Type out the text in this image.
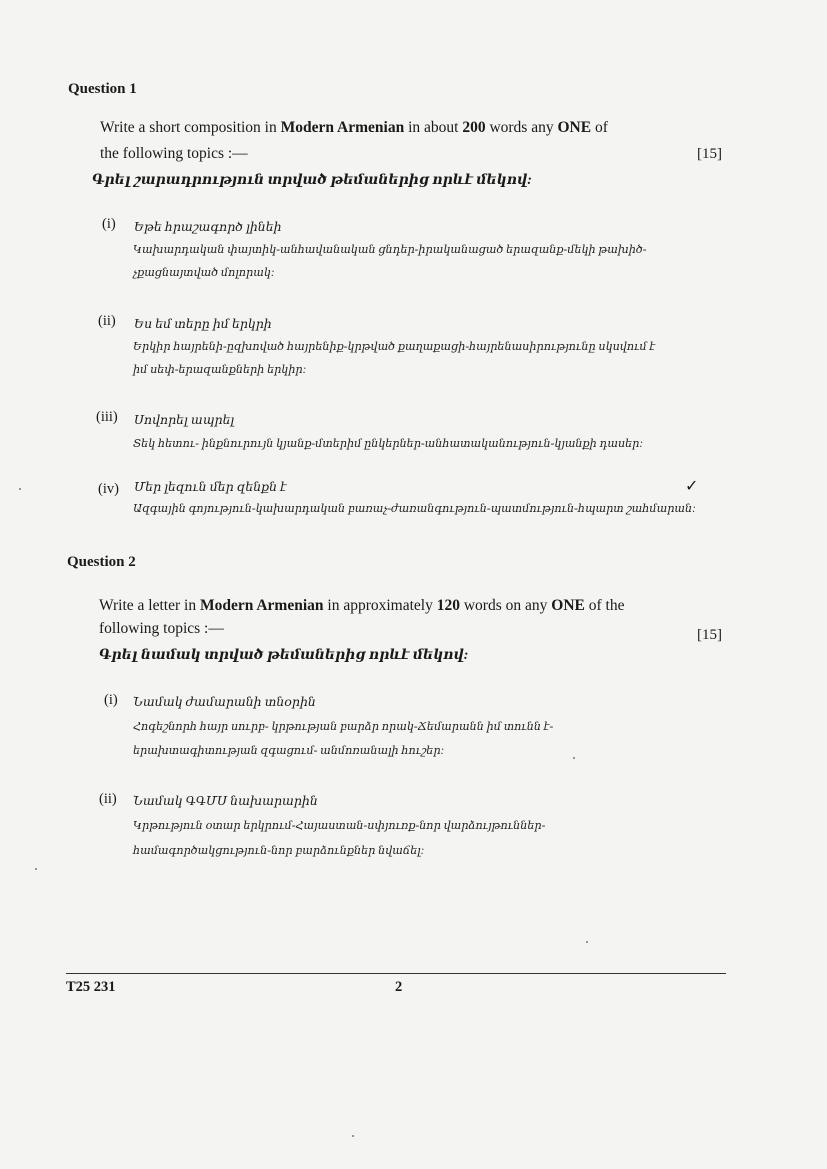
Question 1
Write a short composition in Modern Armenian in about 200 words any ONE of
the following topics :—	[15]
Գրել շարադրություն տրված թեմաներից որևէ մեկով:
(i) Եթե հրաշագործ լինեի
Կախարդական փայտիկ-անհավանական ցնդեր-իրականացած երազանք-մեկի թախիծ-
չքացնայտված մոլորակ:
(ii) Ես եմ տերը իմ երկրի
Երկիր հայրենի-ըզխոված հայրենիք-կրթված քաղաքացի-հայրենասիրությունը սկսվում է
իմ սեփ-երազանքների երկիր:
(iii) Սովորել ապրել
Տեկ հետու- ինքնուրույն կյանք-մտերիմ ընկերներ-անհատականություն-կյանքի դասեր:
(iv) Մեր լեզուն մեր զենքն է
Ազգային գոյություն-կախարդական բառաչ-ժառանգություն-պատմություն-հպարտ շահմարան:
✓
Question 2
Write a letter in Modern Armenian in approximately 120 words on any ONE of the
following topics :—	[15]
Գրել նամակ տրված թեմաներից որևէ մեկով:
(i) Նամակ ժամարանի տնօրին
Հոգեշնորհ հայր սուրբ- կրթության բարձր որակ-Ճեմարանն իմ տունն է-
երախտագիտության զգացում- անմոռանալի հուշեր:
(ii) Նամակ ԳԳՄՍ նախարարին
Կրթություն օտար երկրում-Հայաստան-սփյուռք-նոր վարձույթուններ-
համագործակցություն-նոր բարձունքներ նվաճել:
T25 231	2
